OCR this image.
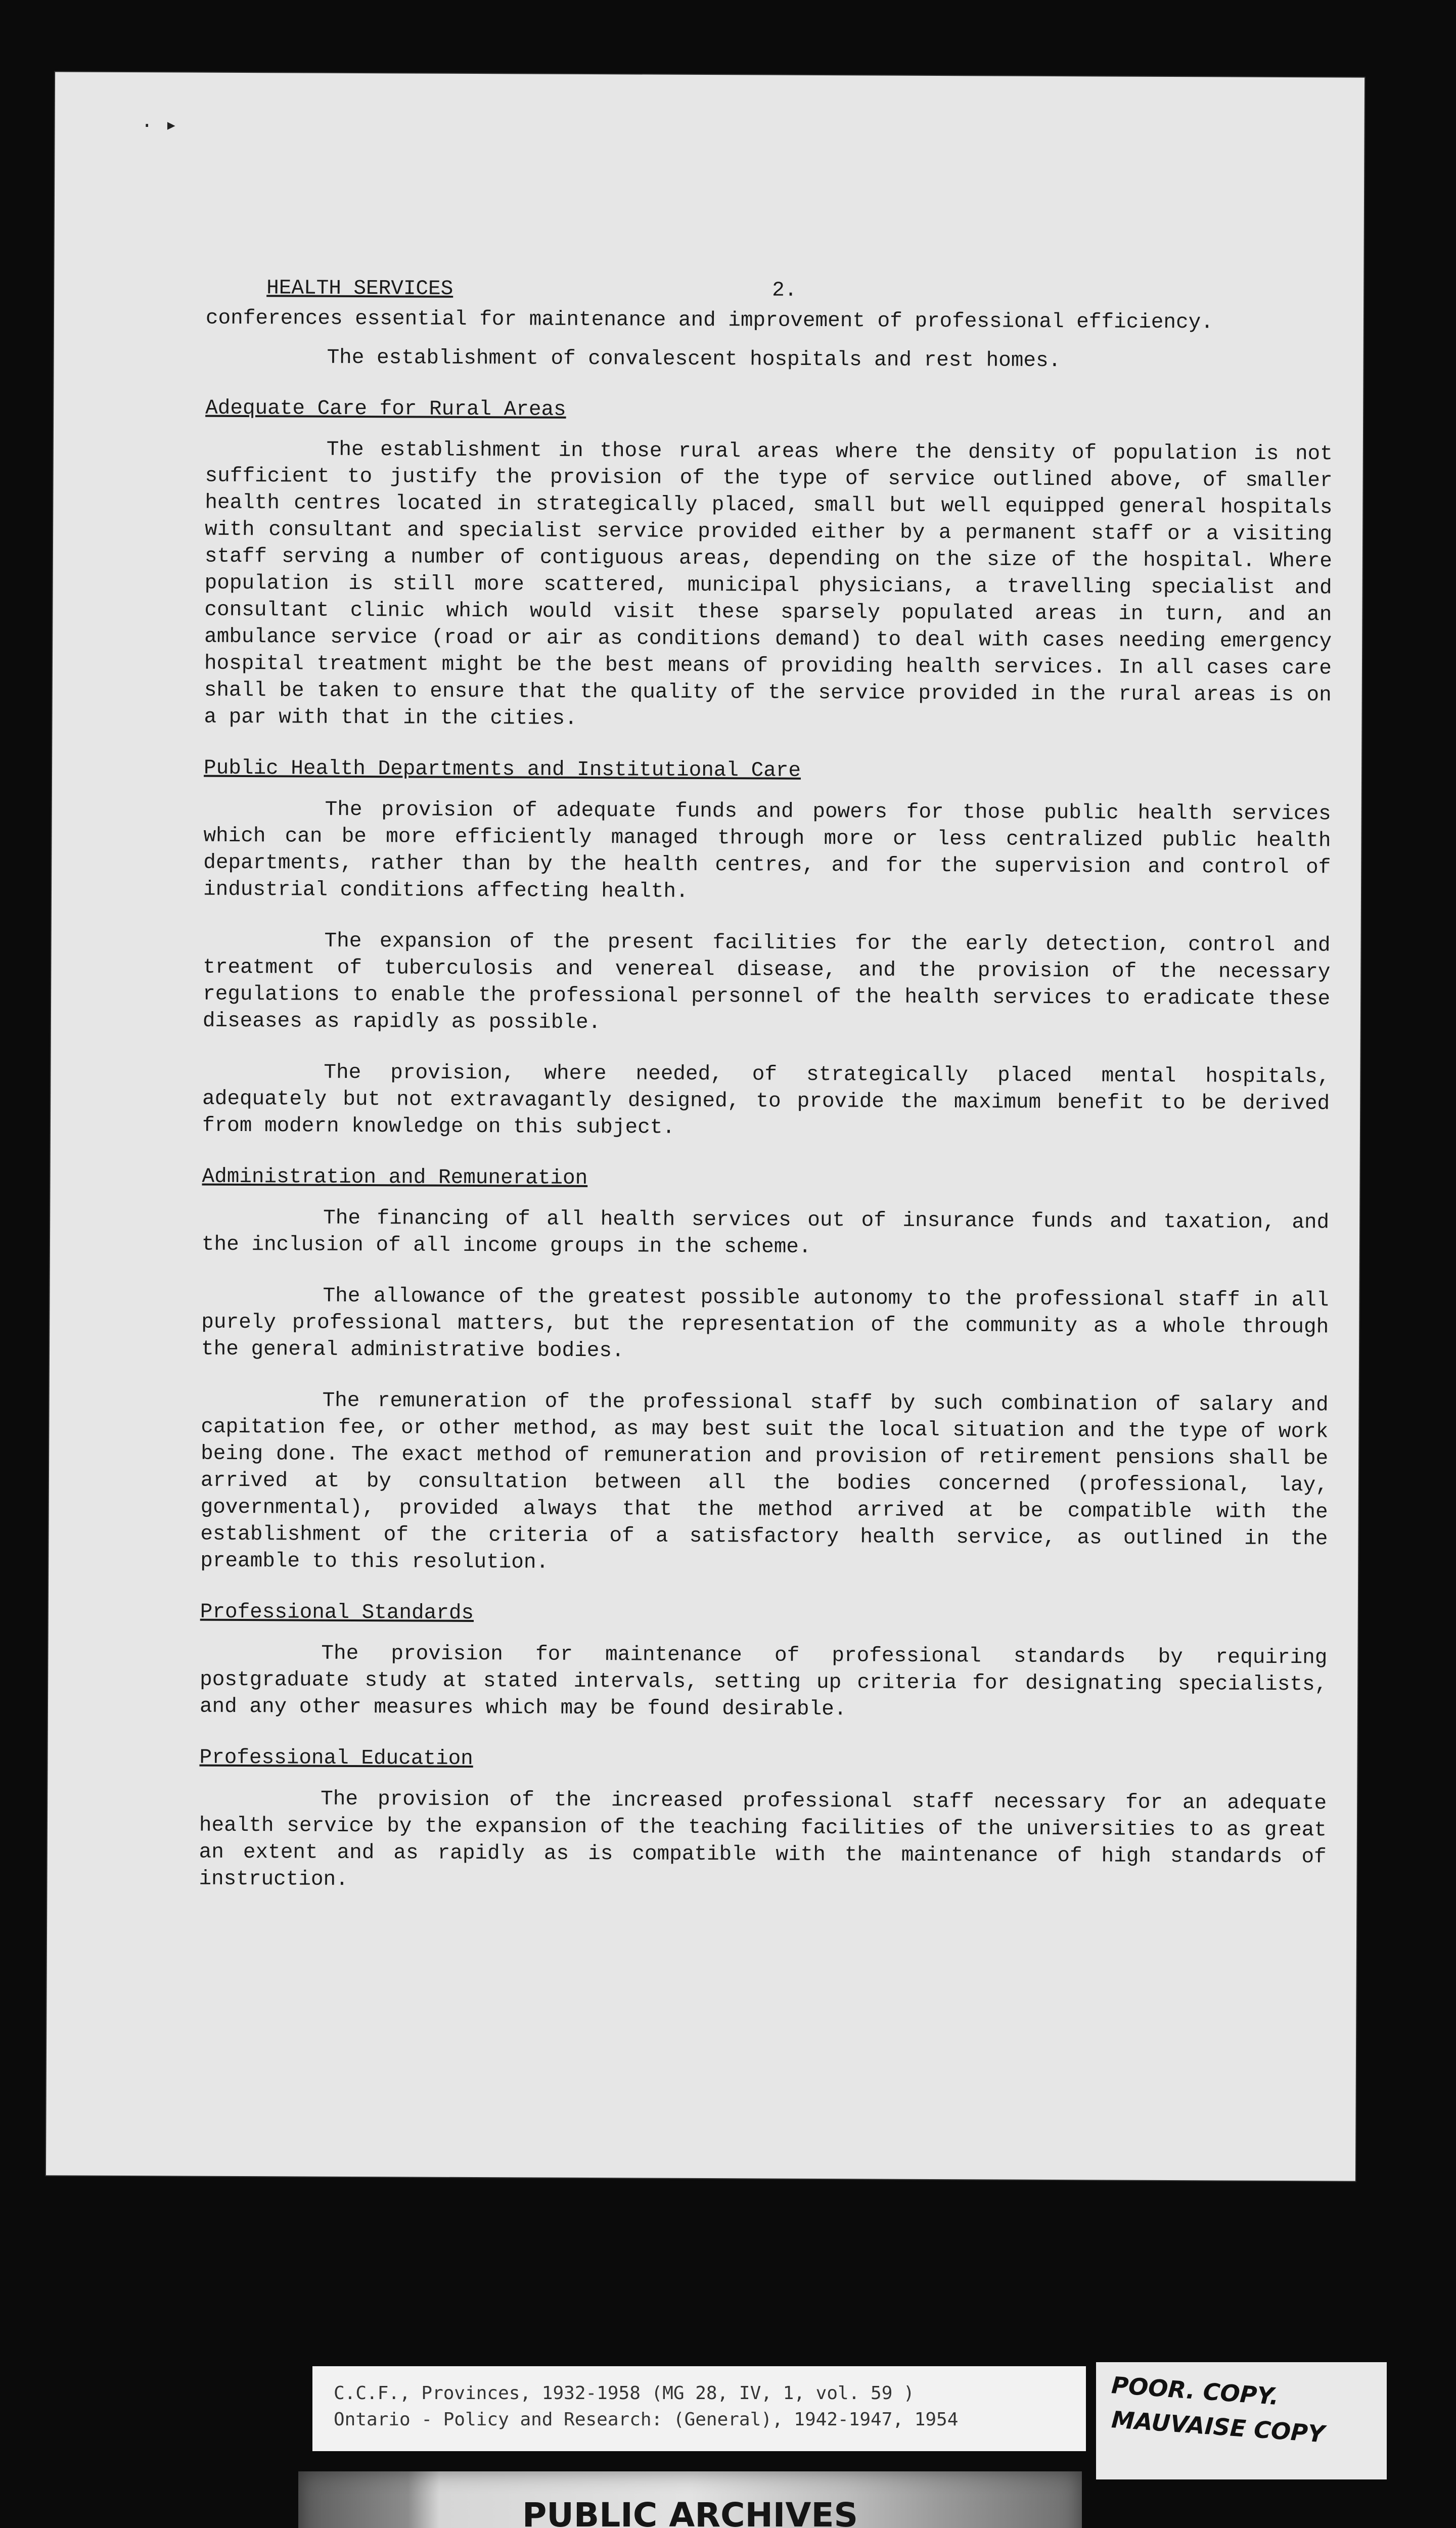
· ▸
HEALTH SERVICES	2.

conferences essential for maintenance and improvement of professional efficiency.

The establishment of convalescent hospitals and rest homes.

Adequate Care for Rural Areas

The establishment in those rural areas where the density of population is not sufficient to justify the provision of the type of service outlined above, of smaller health centres located in strategically placed, small but well equipped general hospitals with consultant and specialist service provided either by a permanent staff or a visiting staff serving a number of contiguous areas, depending on the size of the hospital. Where population is still more scattered, municipal physicians, a travelling specialist and consultant clinic which would visit these sparsely populated areas in turn, and an ambulance service (road or air as conditions demand) to deal with cases needing emergency hospital treatment might be the best means of providing health services. In all cases care shall be taken to ensure that the quality of the service provided in the rural areas is on a par with that in the cities.

Public Health Departments and Institutional Care

The provision of adequate funds and powers for those public health services which can be more efficiently managed through more or less centralized public health departments, rather than by the health centres, and for the supervision and control of industrial conditions affecting health.

The expansion of the present facilities for the early detection, control and treatment of tuberculosis and venereal disease, and the provision of the necessary regulations to enable the professional personnel of the health services to eradicate these diseases as rapidly as possible.

The provision, where needed, of strategically placed mental hospitals, adequately but not extravagantly designed, to provide the maximum benefit to be derived from modern knowledge on this subject.

Administration and Remuneration

The financing of all health services out of insurance funds and taxation, and the inclusion of all income groups in the scheme.

The allowance of the greatest possible autonomy to the professional staff in all purely professional matters, but the representation of the community as a whole through the general administrative bodies.

The remuneration of the professional staff by such combination of salary and capitation fee, or other method, as may best suit the local situation and the type of work being done. The exact method of remuneration and provision of retirement pensions shall be arrived at by consultation between all the bodies concerned (professional, lay, governmental), provided always that the method arrived at be compatible with the establishment of the criteria of a satisfactory health service, as outlined in the preamble to this resolution.

Professional Standards

The provision for maintenance of professional standards by requiring postgraduate study at stated intervals, setting up criteria for designating specialists, and any other measures which may be found desirable.

Professional Education

The provision of the increased professional staff necessary for an adequate health service by the expansion of the teaching facilities of the universities to as great an extent and as rapidly as is compatible with the maintenance of high standards of instruction.

C.C.F., Provinces, 1932-1958 (MG 28, IV, 1, vol. 59 )
Ontario - Policy and Research: (General), 1942-1947, 1954
POOR. COPY.
MAUVAISE COPY
PUBLIC ARCHIVES
